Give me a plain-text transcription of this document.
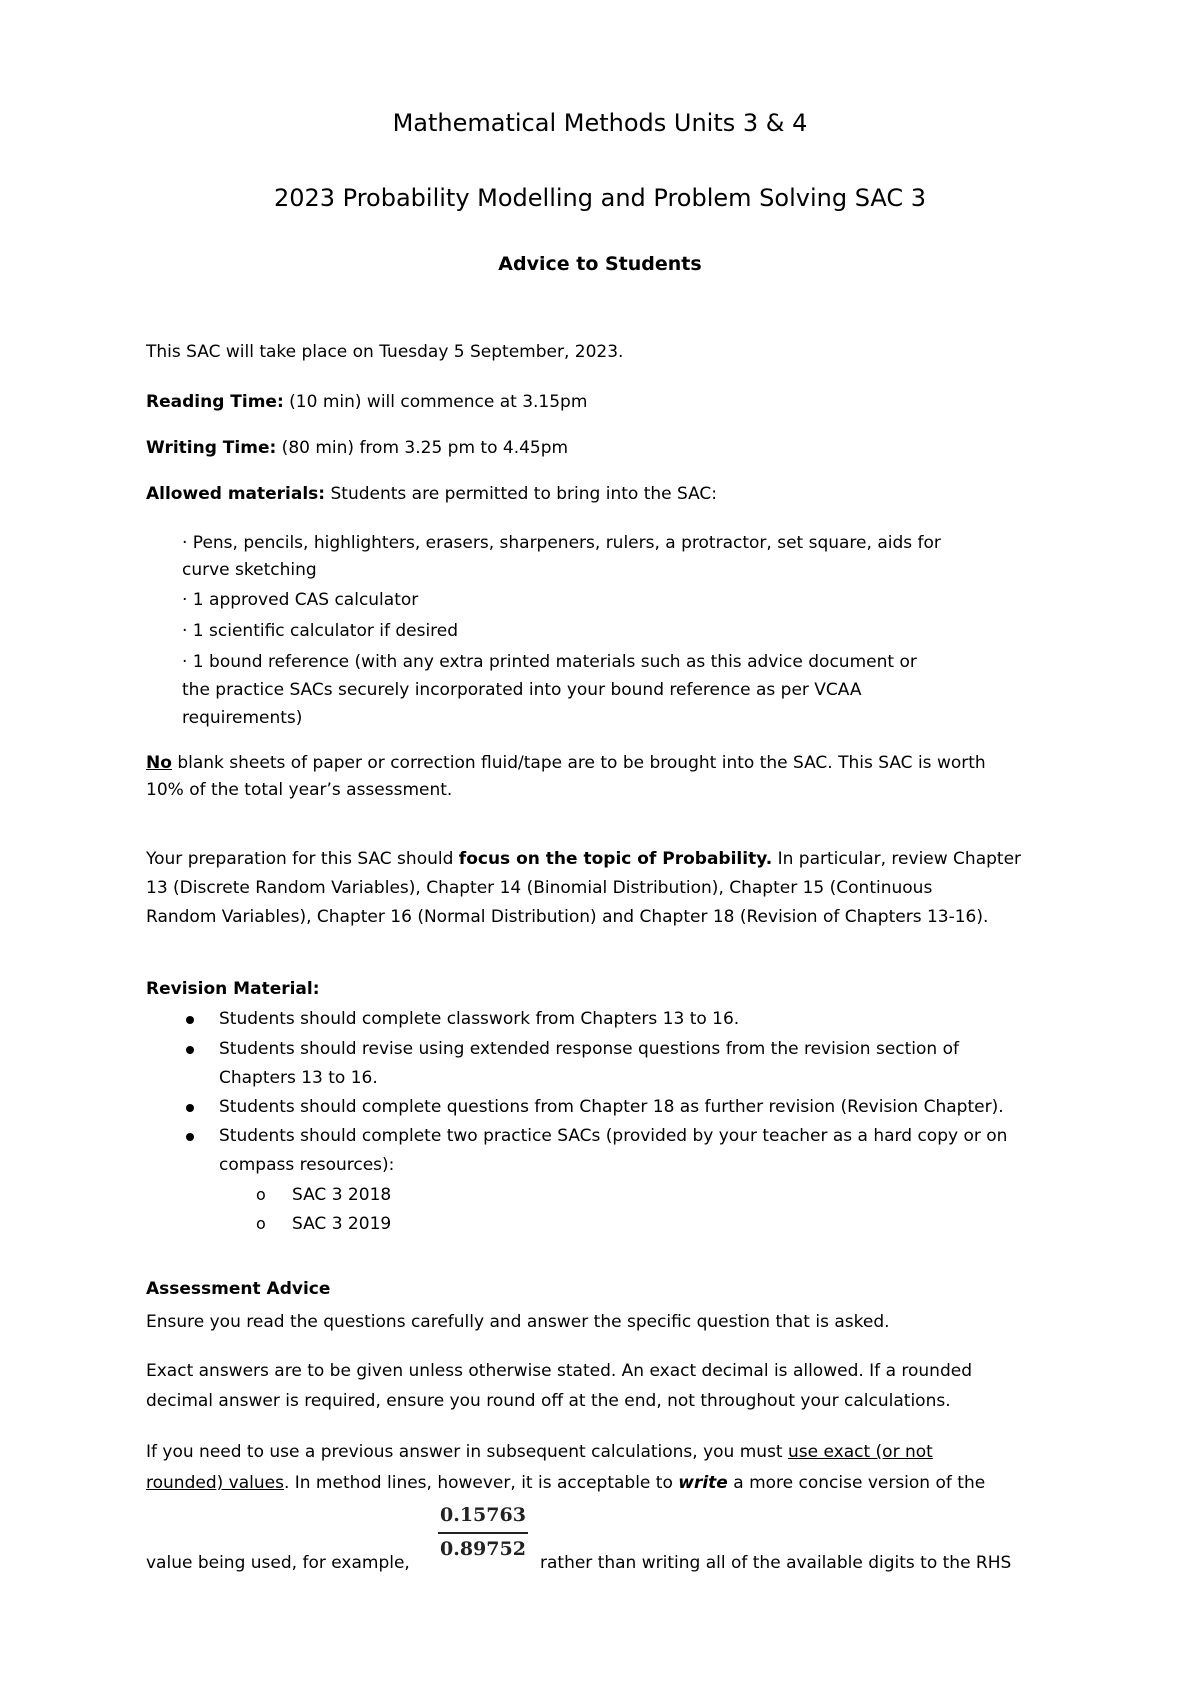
Mathematical Methods Units 3 & 4
2023 Probability Modelling and Problem Solving SAC 3
Advice to Students
This SAC will take place on Tuesday 5 September, 2023.
Reading Time: (10 min) will commence at 3.15pm
Writing Time: (80 min) from 3.25 pm to 4.45pm
Allowed materials: Students are permitted to bring into the SAC:
· Pens, pencils, highlighters, erasers, sharpeners, rulers, a protractor, set square, aids for
curve sketching
· 1 approved CAS calculator
· 1 scientific calculator if desired
· 1 bound reference (with any extra printed materials such as this advice document or
the practice SACs securely incorporated into your bound reference as per VCAA
requirements)
No blank sheets of paper or correction fluid/tape are to be brought into the SAC. This SAC is worth
10% of the total year’s assessment.
Your preparation for this SAC should focus on the topic of Probability. In particular, review Chapter
13 (Discrete Random Variables), Chapter 14 (Binomial Distribution), Chapter 15 (Continuous
Random Variables), Chapter 16 (Normal Distribution) and Chapter 18 (Revision of Chapters 13-16).
Revision Material:
Students should complete classwork from Chapters 13 to 16.
Students should revise using extended response questions from the revision section of
Chapters 13 to 16.
Students should complete questions from Chapter 18 as further revision (Revision Chapter).
Students should complete two practice SACs (provided by your teacher as a hard copy or on
compass resources):
o SAC 3 2018
o SAC 3 2019
Assessment Advice
Ensure you read the questions carefully and answer the specific question that is asked.
Exact answers are to be given unless otherwise stated. An exact decimal is allowed. If a rounded
decimal answer is required, ensure you round off at the end, not throughout your calculations.
If you need to use a previous answer in subsequent calculations, you must use exact (or not
rounded) values. In method lines, however, it is acceptable to write a more concise version of the
0.15763
0.89752
value being used, for example,	rather than writing all of the available digits to the RHS
